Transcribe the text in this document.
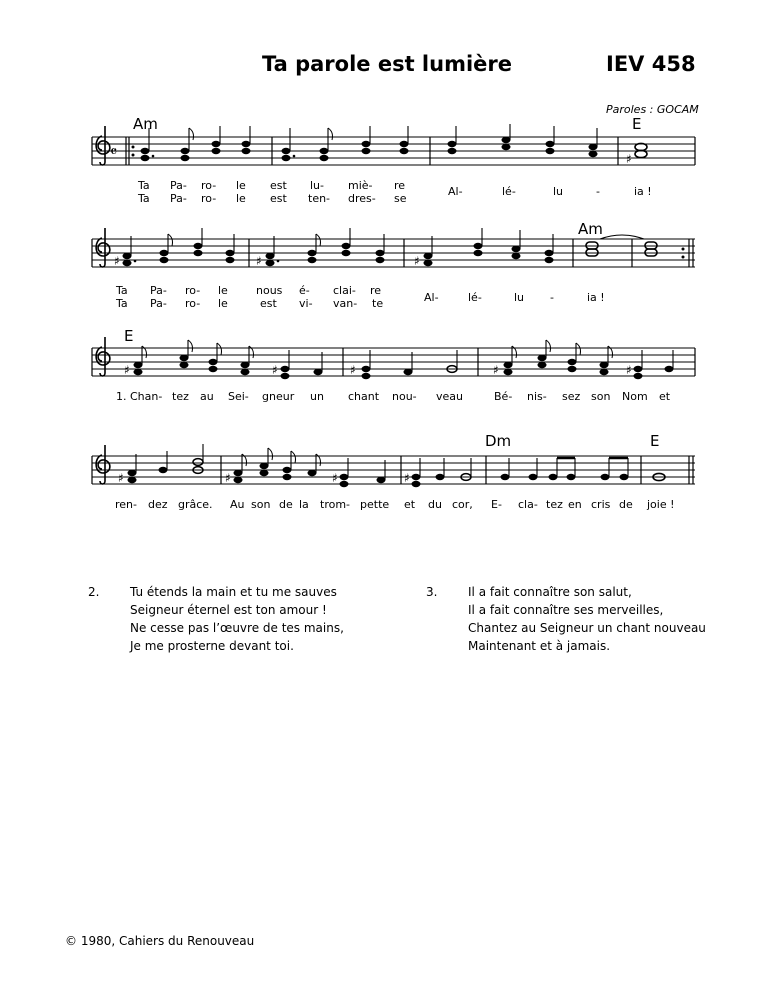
Ta parole est lumière	IEV 458
Paroles : GOCAM
𝄴	♯
Am	E
Ta Pa- ro- le est lu- miè- re	Al-	lé-	lu	-	ia !
Ta Pa- ro- le est ten- dres- se
♯	♯	♯
Am
Ta Pa- ro- le	nous é- clai- re
Al-	lé-	lu -	ia !
Ta Pa- ro- le	est vi- van- te
♯	♯	♯	♯	♯
E
1. Chan- tez au Sei- gneur un chant nou- veau	Bé- nis- sez son Nom et
♯	♯	♯	♯
Dm	E
ren- dez grâce. Au son de la trom- pette et du cor, E- cla- tez en cris de joie !
2.	Tu étends la main et tu me sauves
Seigneur éternel est ton amour !
Ne cesse pas l’œuvre de tes mains,
Je me prosterne devant toi.
3.	Il a fait connaître son salut,
Il a fait connaître ses merveilles,
Chantez au Seigneur un chant nouveau
Maintenant et à jamais.
© 1980, Cahiers du Renouveau
